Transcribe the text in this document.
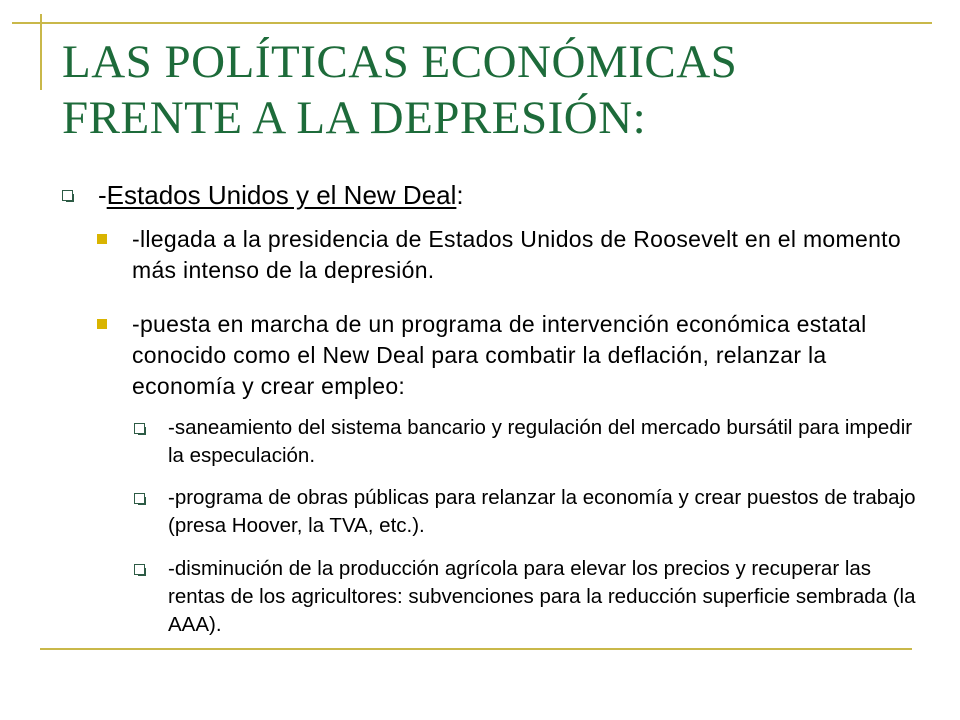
LAS POLÍTICAS ECONÓMICAS
FRENTE A LA DEPRESIÓN:
-Estados Unidos y el New Deal:
-llegada a la presidencia de Estados Unidos de Roosevelt en el momento más intenso de la depresión.
-puesta en marcha de un programa de intervención económica estatal conocido como el New Deal para combatir la deflación, relanzar la economía y crear empleo:
-saneamiento del sistema bancario y regulación del mercado bursátil para impedir la especulación.
-programa de obras públicas para relanzar la economía y crear puestos de trabajo (presa Hoover, la TVA, etc.).
-disminución de la producción agrícola para elevar los precios y recuperar las rentas de los agricultores: subvenciones para la reducción superficie sembrada (la AAA).
